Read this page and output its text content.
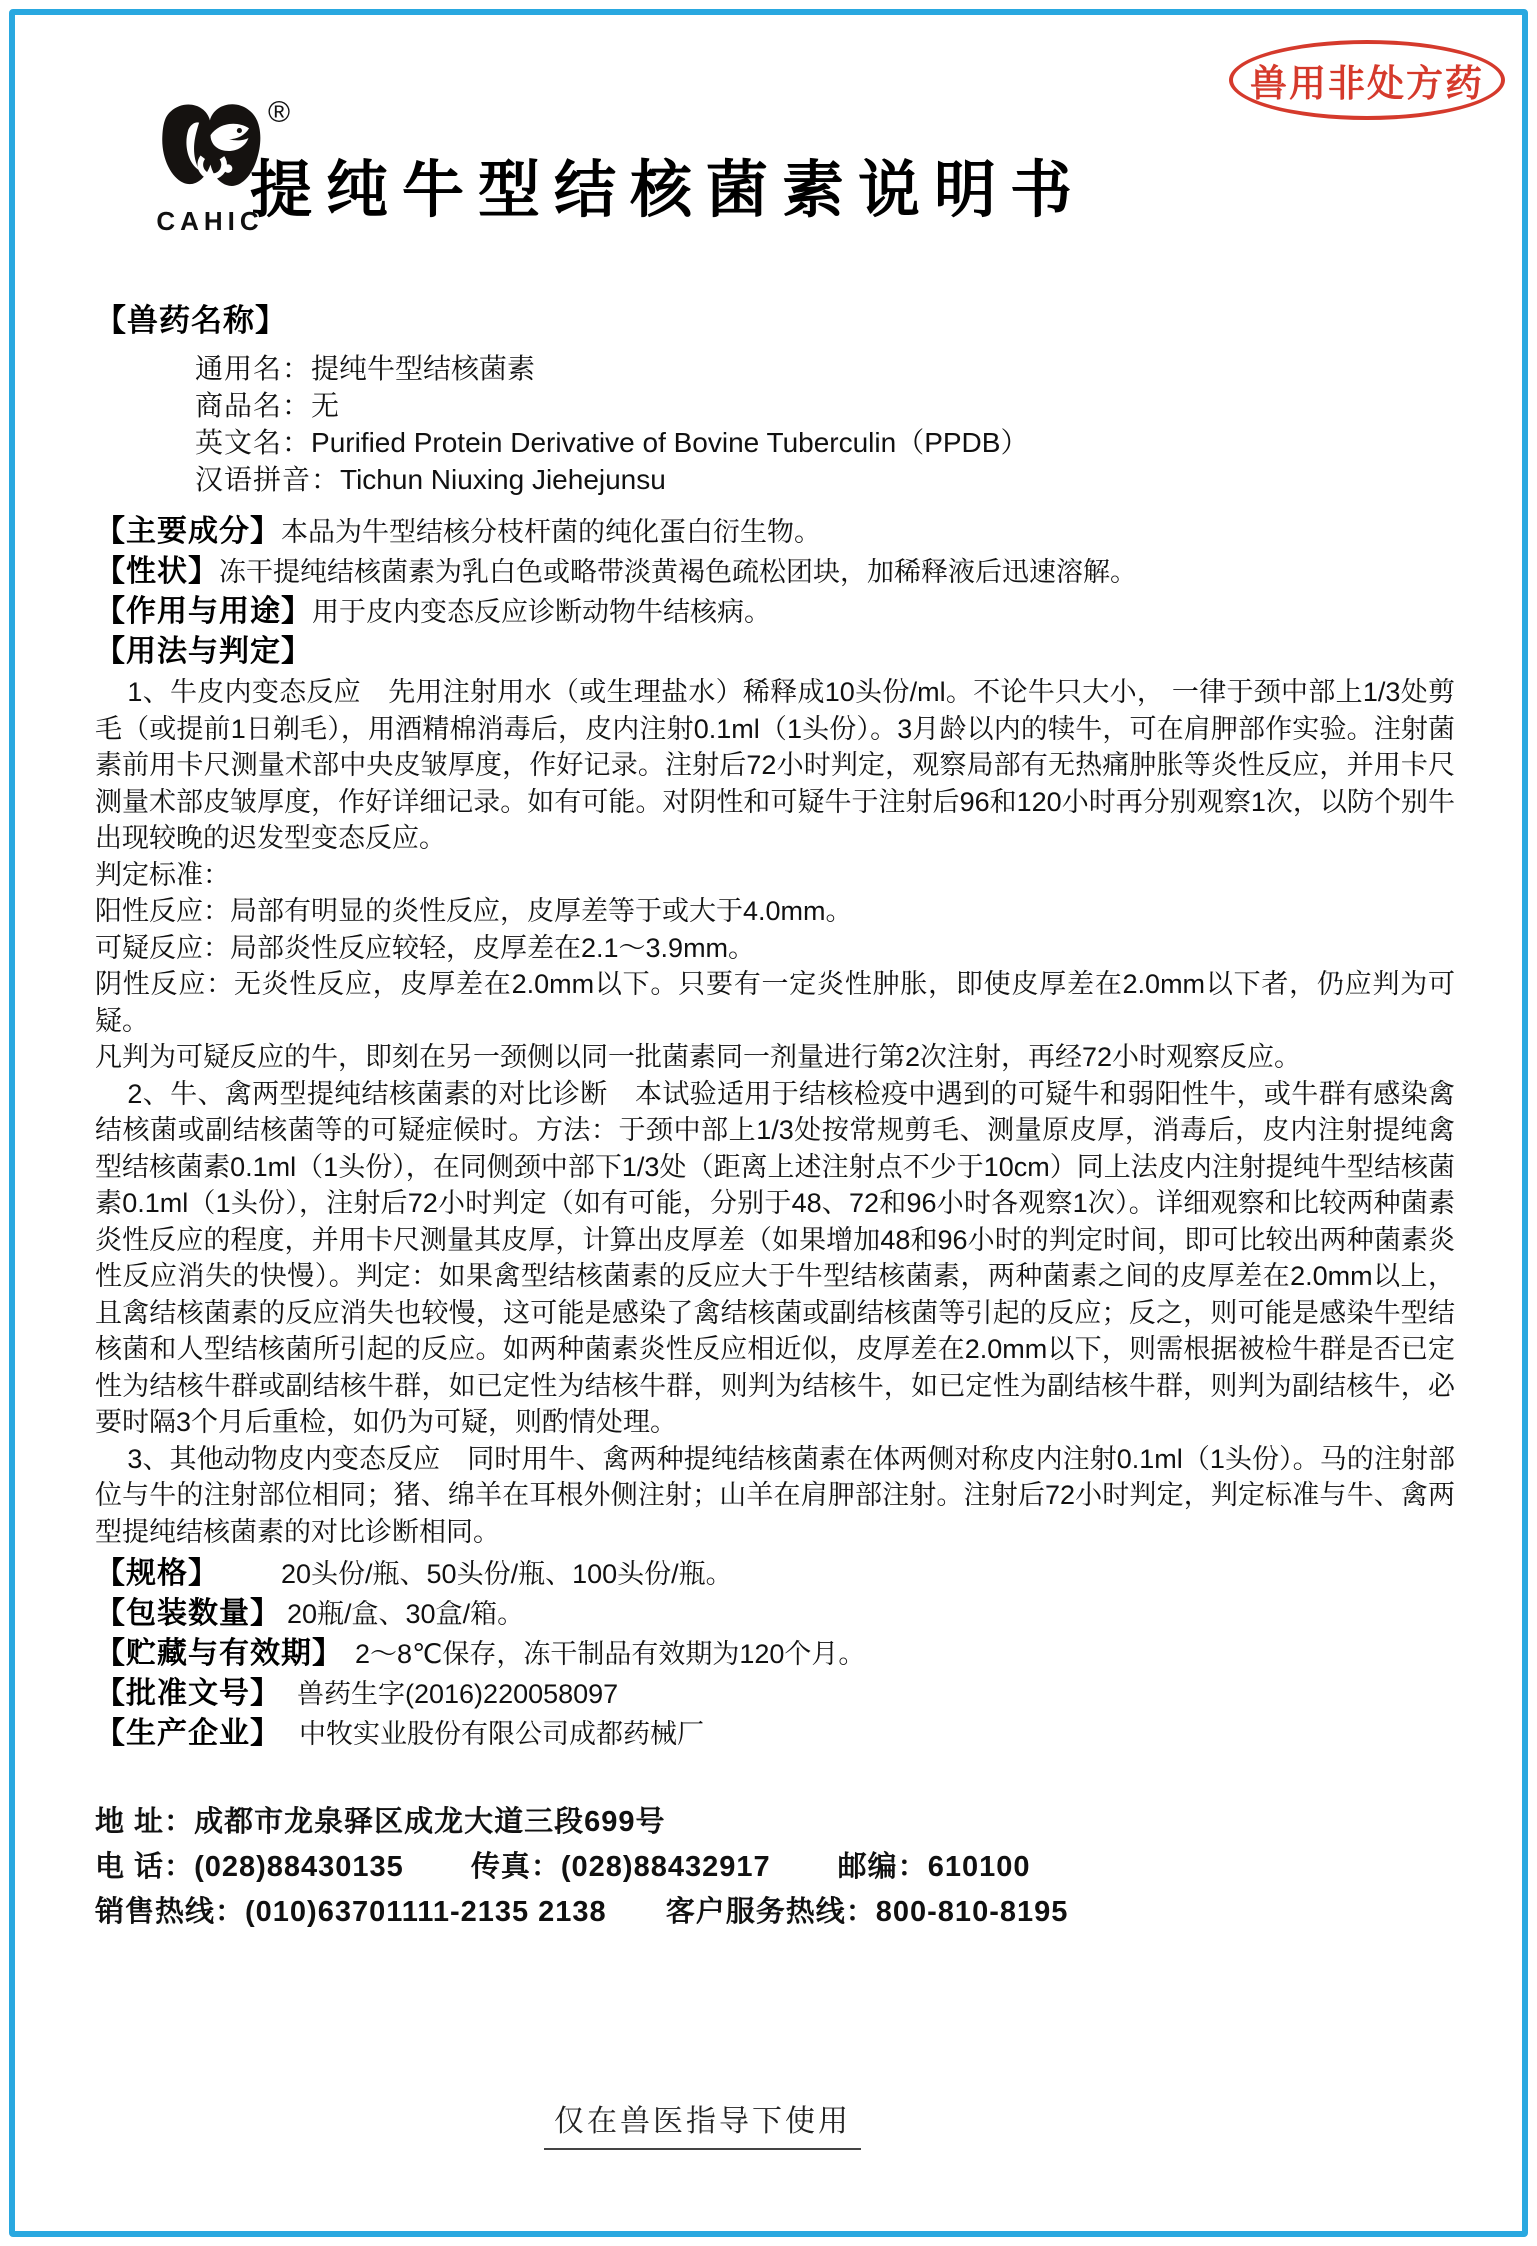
CAHIC
®
提纯牛型结核菌素说明书
兽用非处方药
【兽药名称】
通用名：提纯牛型结核菌素
商品名：无
英文名：Purified Protein Derivative of Bovine Tuberculin（PPDB）
汉语拼音：Tichun Niuxing Jiehejunsu
【主要成分】本品为牛型结核分枝杆菌的纯化蛋白衍生物。
【性状】冻干提纯结核菌素为乳白色或略带淡黄褐色疏松团块，加稀释液后迅速溶解。
【作用与用途】用于皮内变态反应诊断动物牛结核病。
【用法与判定】

1、牛皮内变态反应　先用注射用水（或生理盐水）稀释成10头份/ml。不论牛只大小， 一律于颈中部上1/3处剪毛（或提前1日剃毛），用酒精棉消毒后，皮内注射0.1ml（1头份）。3月龄以内的犊牛，可在肩胛部作实验。注射菌素前用卡尺测量术部中央皮皱厚度，作好记录。注射后72小时判定，观察局部有无热痛肿胀等炎性反应，并用卡尺测量术部皮皱厚度，作好详细记录。如有可能。对阴性和可疑牛于注射后96和120小时再分别观察1次，以防个别牛出现较晚的迟发型变态反应。

判定标准：

阳性反应：局部有明显的炎性反应，皮厚差等于或大于4.0mm。

可疑反应：局部炎性反应较轻，皮厚差在2.1～3.9mm。

阴性反应：无炎性反应，皮厚差在2.0mm以下。只要有一定炎性肿胀，即使皮厚差在2.0mm以下者，仍应判为可疑。

凡判为可疑反应的牛，即刻在另一颈侧以同一批菌素同一剂量进行第2次注射，再经72小时观察反应。

2、牛、禽两型提纯结核菌素的对比诊断　本试验适用于结核检疫中遇到的可疑牛和弱阳性牛，或牛群有感染禽结核菌或副结核菌等的可疑症候时。方法：于颈中部上1/3处按常规剪毛、测量原皮厚，消毒后，皮内注射提纯禽型结核菌素0.1ml（1头份），在同侧颈中部下1/3处（距离上述注射点不少于10cm）同上法皮内注射提纯牛型结核菌素0.1ml（1头份），注射后72小时判定（如有可能，分别于48、72和96小时各观察1次）。详细观察和比较两种菌素炎性反应的程度，并用卡尺测量其皮厚，计算出皮厚差（如果增加48和96小时的判定时间，即可比较出两种菌素炎性反应消失的快慢）。判定：如果禽型结核菌素的反应大于牛型结核菌素，两种菌素之间的皮厚差在2.0mm以上，且禽结核菌素的反应消失也较慢，这可能是感染了禽结核菌或副结核菌等引起的反应；反之，则可能是感染牛型结核菌和人型结核菌所引起的反应。如两种菌素炎性反应相近似，皮厚差在2.0mm以下，则需根据被检牛群是否已定性为结核牛群或副结核牛群，如已定性为结核牛群，则判为结核牛，如已定性为副结核牛群，则判为副结核牛，必要时隔3个月后重检，如仍为可疑，则酌情处理。

3、其他动物皮内变态反应　同时用牛、禽两种提纯结核菌素在体两侧对称皮内注射0.1ml（1头份）。马的注射部位与牛的注射部位相同；猪、绵羊在耳根外侧注射；山羊在肩胛部注射。注射后72小时判定，判定标准与牛、禽两型提纯结核菌素的对比诊断相同。

【规格】 20头份/瓶、50头份/瓶、100头份/瓶。
【包装数量】 20瓶/盒、30盒/箱。
【贮藏与有效期】 2～8℃保存，冻干制品有效期为120个月。
【批准文号】 兽药生字(2016)220058097
【生产企业】 中牧实业股份有限公司成都药械厂
地 址：成都市龙泉驿区成龙大道三段699号
电 话：(028)88430135 传真：(028)88432917 邮编：610100
销售热线：(010)63701111-2135 2138 客户服务热线：800-810-8195
仅在兽医指导下使用
